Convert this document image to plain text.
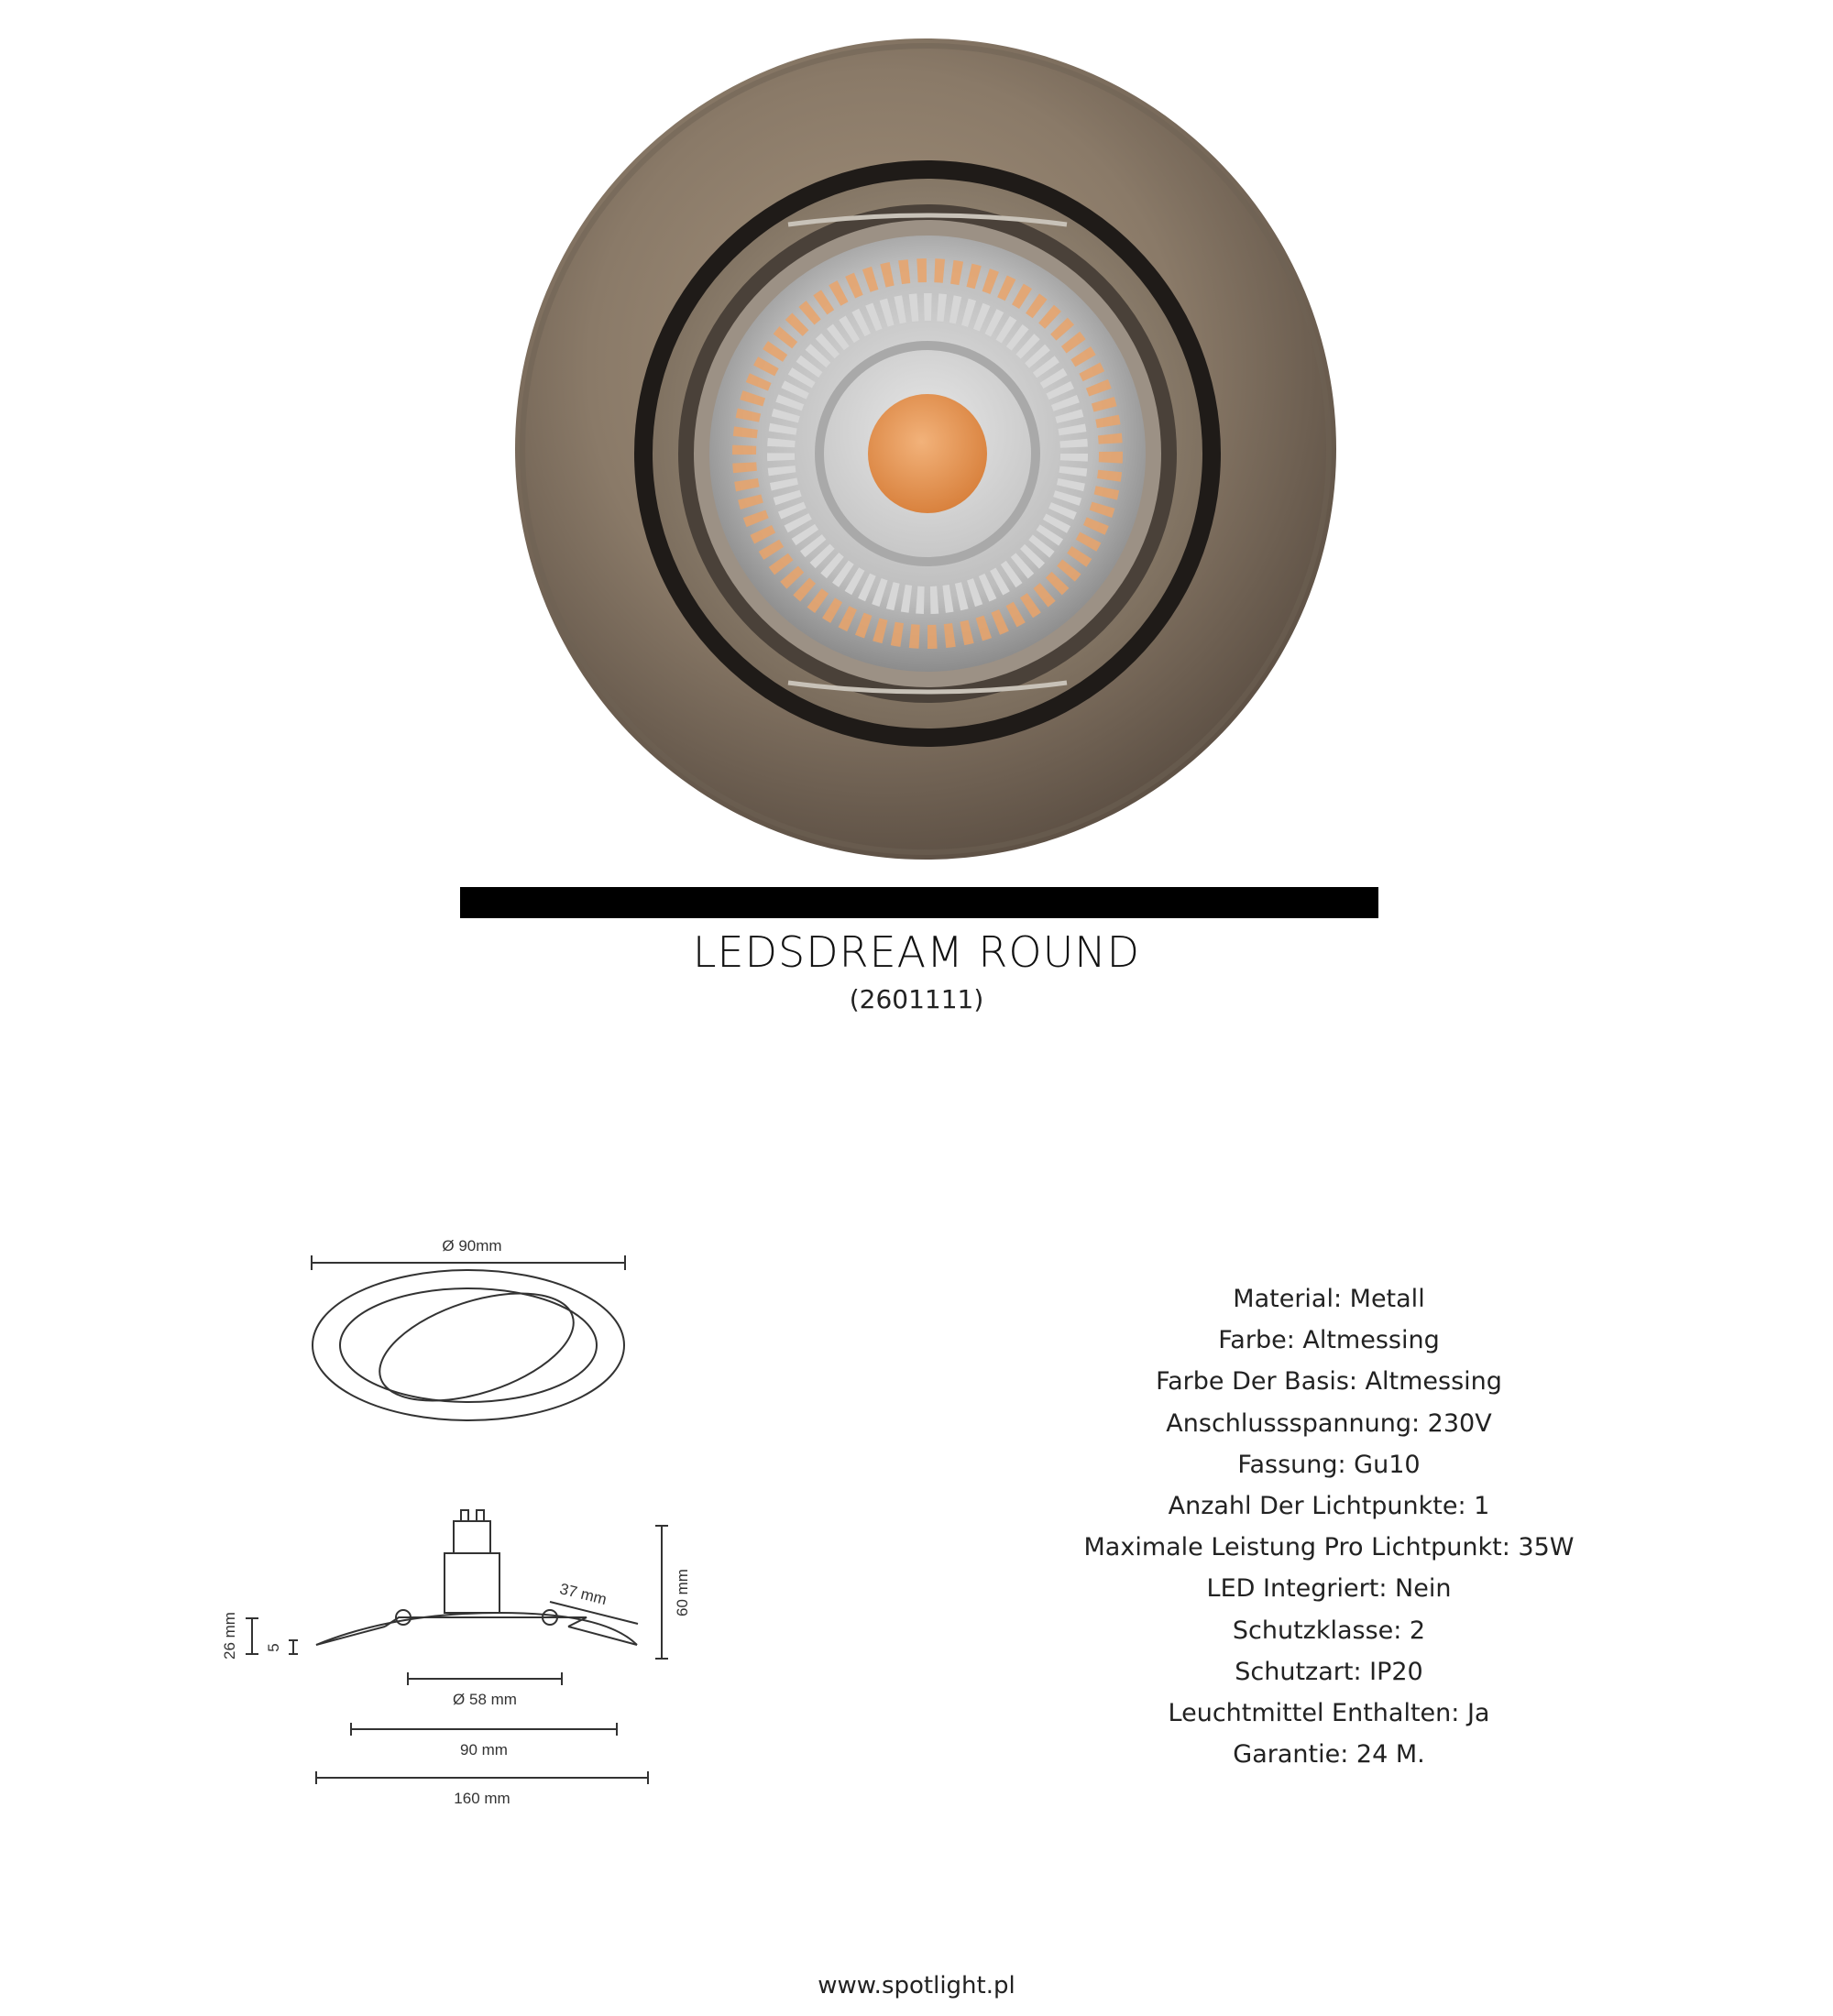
LEDSDREAM ROUND
(2601111)
Ø 90mm
60 mm
37 mm
26 mm 5
Ø 58 mm
90 mm
160 mm
Material: Metall
Farbe: Altmessing
Farbe Der Basis: Altmessing
Anschlussspannung: 230V
Fassung: Gu10
Anzahl Der Lichtpunkte: 1
Maximale Leistung Pro Lichtpunkt: 35W
LED Integriert: Nein
Schutzklasse: 2
Schutzart: IP20
Leuchtmittel Enthalten: Ja
Garantie: 24 M.
www.spotlight.pl
